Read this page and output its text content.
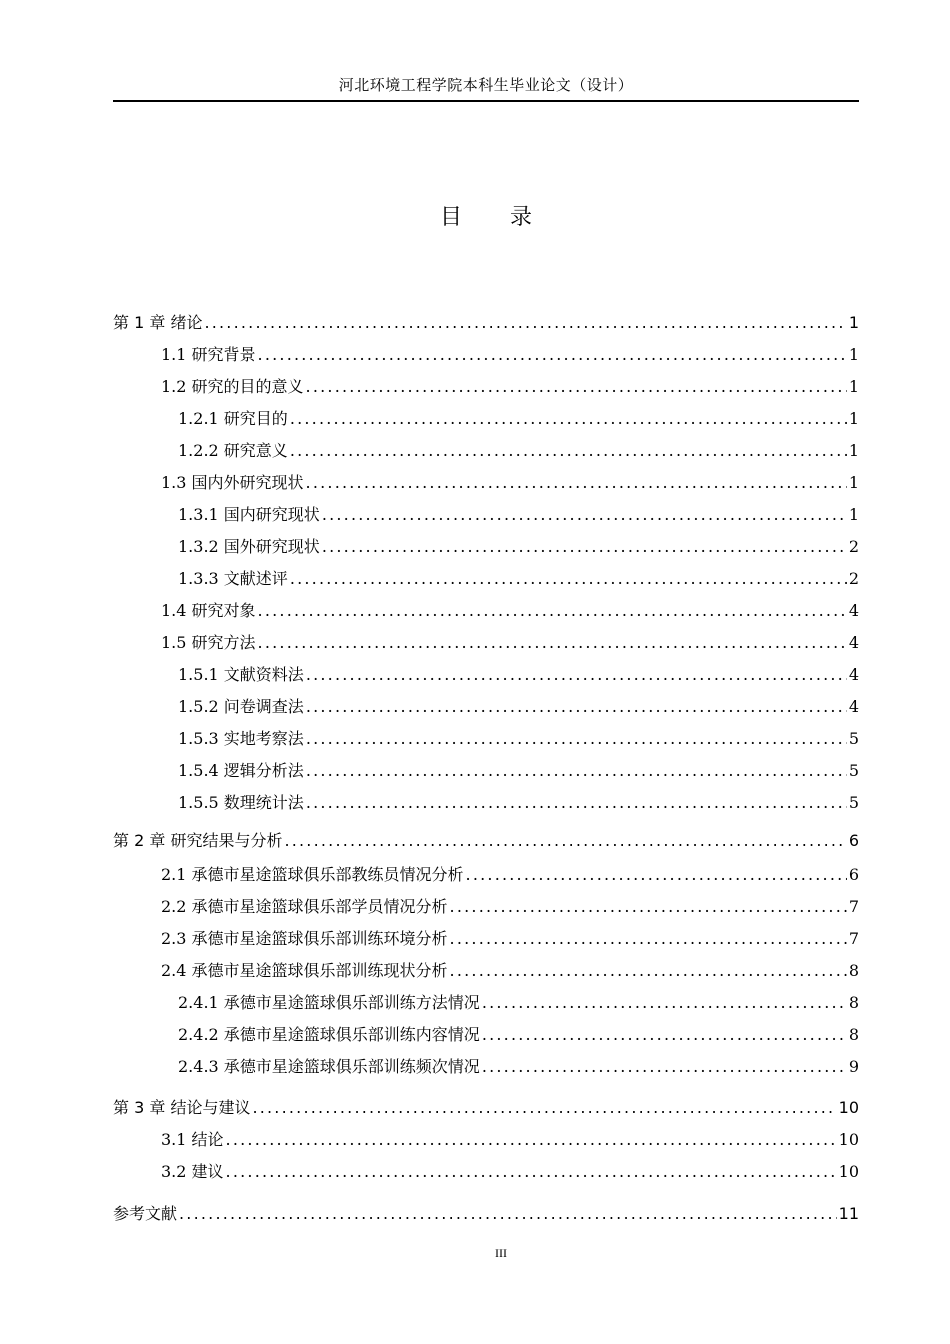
河北环境工程学院本科生毕业论文（设计）
目 录
第 1 章 绪论 .....	1
1.1 研究背景 .....	1
1.2 研究的目的意义 .....	1
1.2.1 研究目的 .....	1
1.2.2 研究意义 .....	1
1.3 国内外研究现状 .....	1
1.3.1 国内研究现状 .....	1
1.3.2 国外研究现状 .....	2
1.3.3 文献述评 .....	2
1.4 研究对象 .....	4
1.5 研究方法 .....	4
1.5.1 文献资料法 .....	4
1.5.2 问卷调查法 .....	4
1.5.3 实地考察法 .....	5
1.5.4 逻辑分析法 .....	5
1.5.5 数理统计法 .....	5
第 2 章 研究结果与分析 .....	6
2.1 承德市星途篮球俱乐部教练员情况分析 .....	6
2.2 承德市星途篮球俱乐部学员情况分析 .....	7
2.3 承德市星途篮球俱乐部训练环境分析 .....	7
2.4 承德市星途篮球俱乐部训练现状分析 .....	8
2.4.1 承德市星途篮球俱乐部训练方法情况 .....	8
2.4.2 承德市星途篮球俱乐部训练内容情况 .....	8
2.4.3 承德市星途篮球俱乐部训练频次情况 .....	9
第 3 章 结论与建议 .....	10
3.1 结论 .....	10
3.2 建议 .....	10
参考文献 .....	11
III
